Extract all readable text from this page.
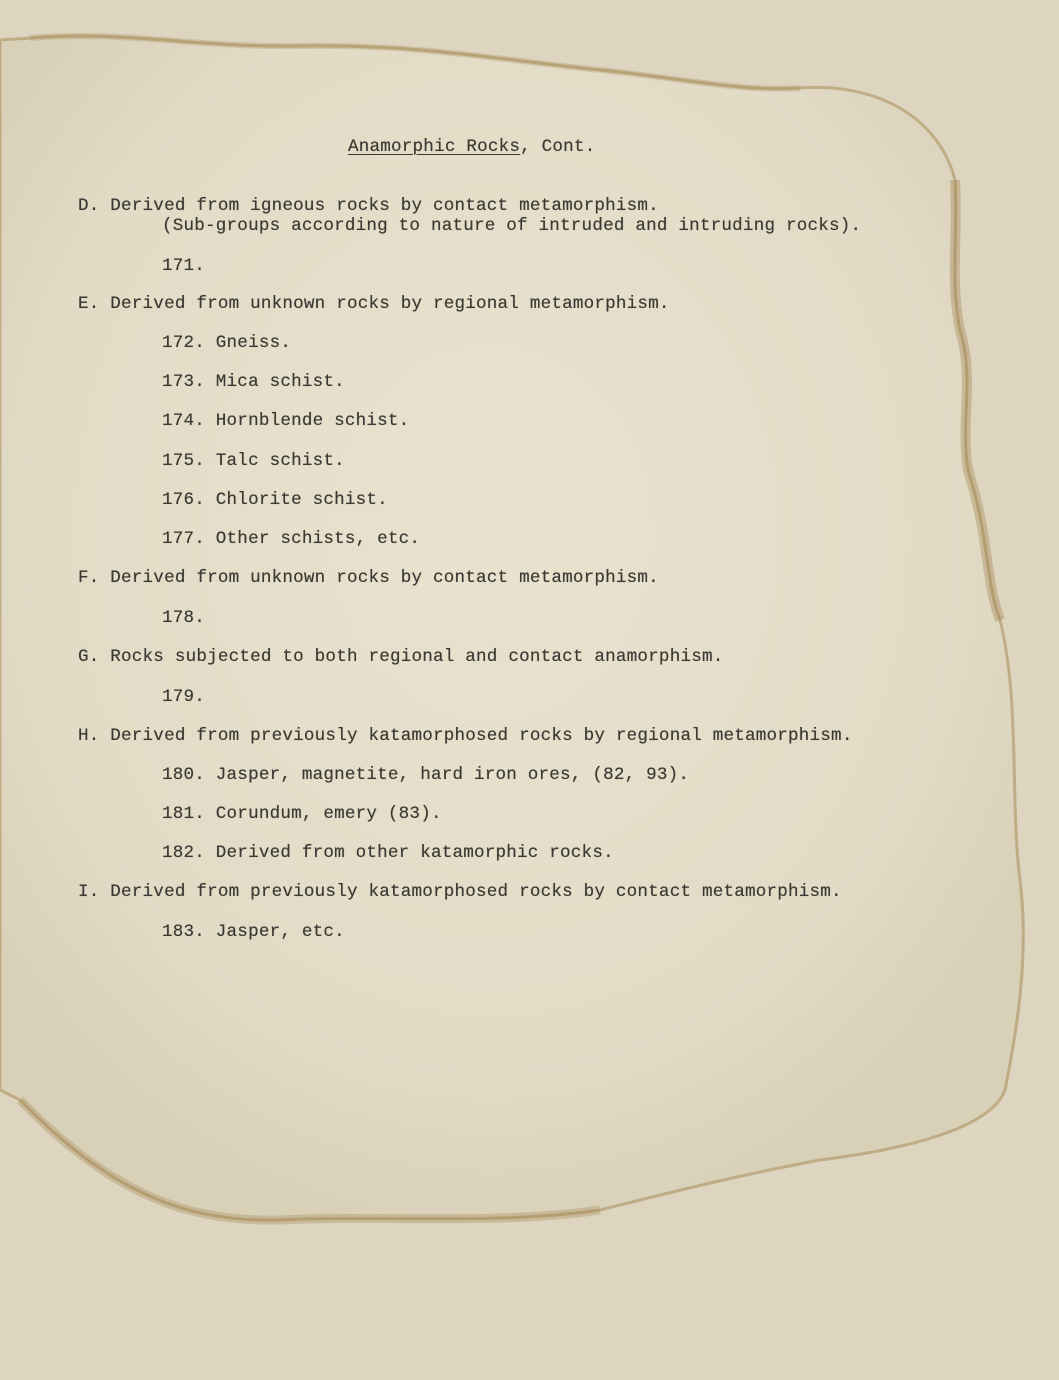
Anamorphic Rocks, Cont.
D. Derived from igneous rocks by contact metamorphism.
(Sub-groups according to nature of intruded and intruding rocks).
171.
E. Derived from unknown rocks by regional metamorphism.
172. Gneiss.
173. Mica schist.
174. Hornblende schist.
175. Talc schist.
176. Chlorite schist.
177. Other schists, etc.
F. Derived from unknown rocks by contact metamorphism.
178.
G. Rocks subjected to both regional and contact anamorphism.
179.
H. Derived from previously katamorphosed rocks by regional metamorphism.
180. Jasper, magnetite, hard iron ores, (82, 93).
181. Corundum, emery (83).
182. Derived from other katamorphic rocks.
I. Derived from previously katamorphosed rocks by contact metamorphism.
183. Jasper, etc.
